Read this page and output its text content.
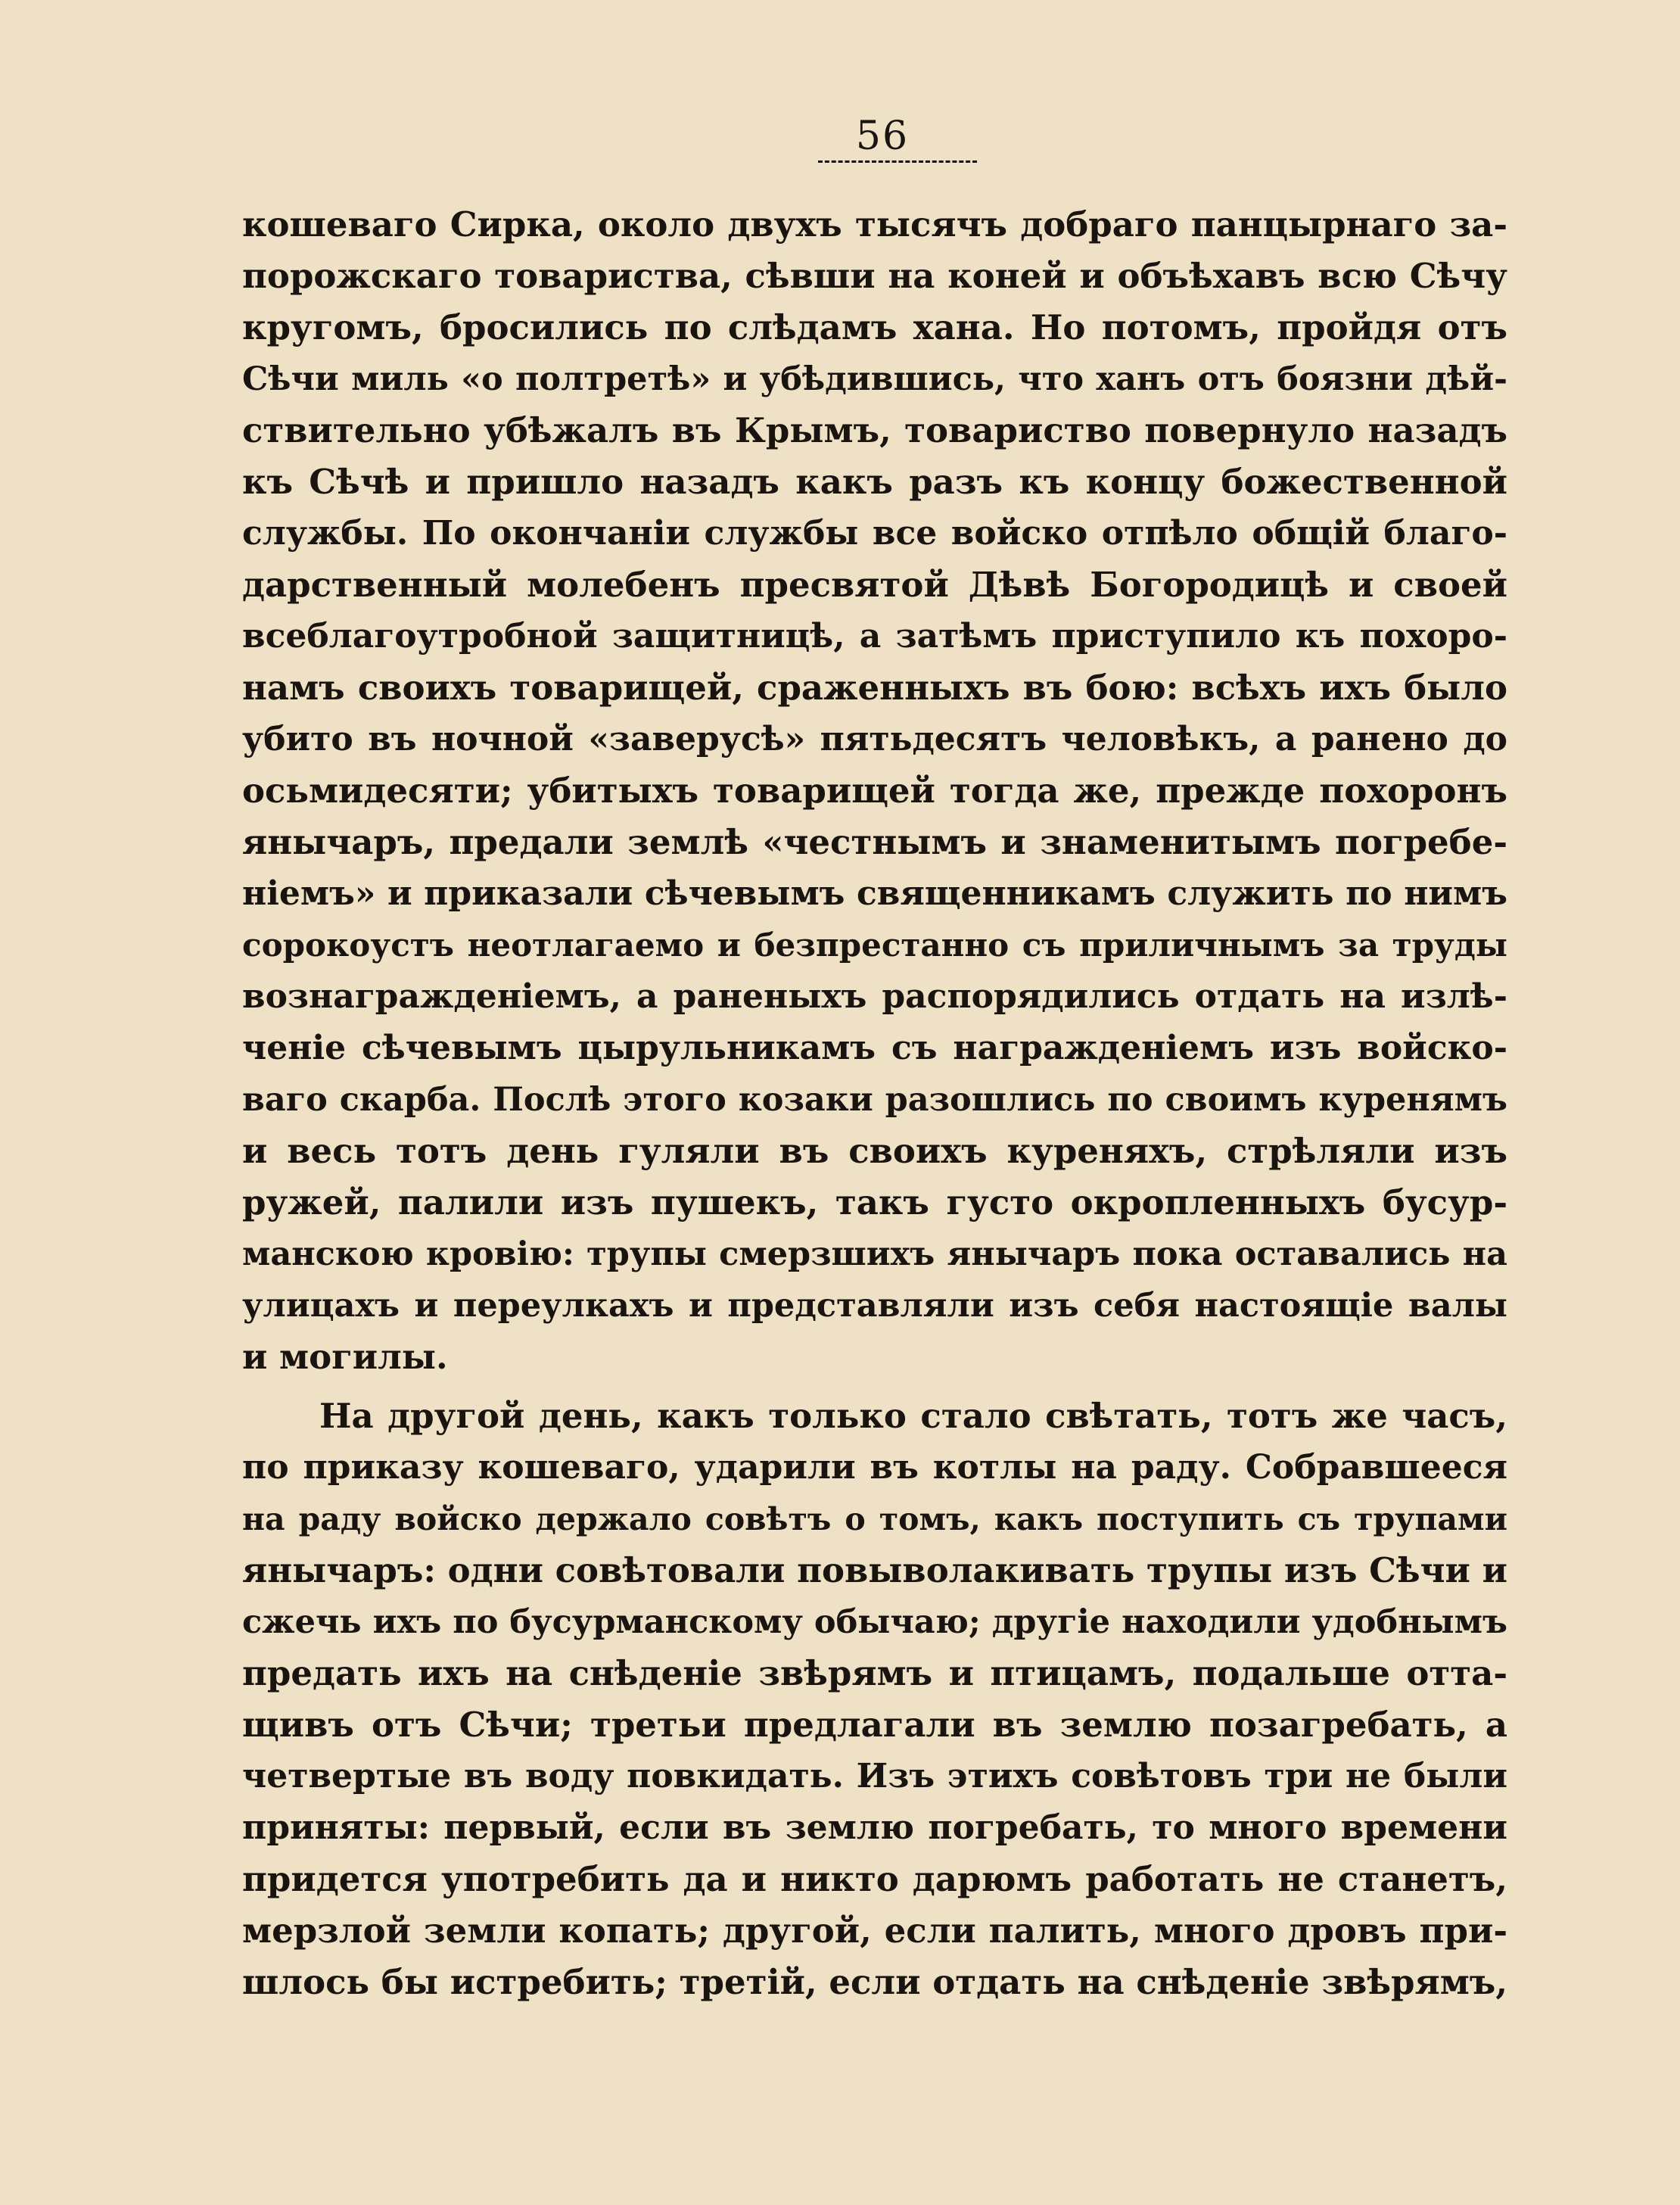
56
кошеваго Сирка, около двухъ тысячъ добраго панцырнаго за-
порожскаго товариства, сѣвши на коней и объѣхавъ всю Сѣчу
кругомъ, бросились по слѣдамъ хана. Но потомъ, пройдя отъ
Сѣчи миль «о полтретѣ» и убѣдившись, что ханъ отъ боязни дѣй-
ствительно убѣжалъ въ Крымъ, товариство повернуло назадъ
къ Сѣчѣ и пришло назадъ какъ разъ къ концу божественной
службы. По окончаніи службы все войско отпѣло общій благо-
дарственный молебенъ пресвятой Дѣвѣ Богородицѣ и своей
всеблагоутробной защитницѣ, а затѣмъ приступило къ похоро-
намъ своихъ товарищей, сраженныхъ въ бою: всѣхъ ихъ было
убито въ ночной «заверусѣ» пятьдесятъ человѣкъ, а ранено до
осьмидесяти; убитыхъ товарищей тогда же, прежде похоронъ
янычаръ, предали землѣ «честнымъ и знаменитымъ погребе-
ніемъ» и приказали сѣчевымъ священникамъ служить по нимъ
сорокоустъ неотлагаемо и безпрестанно съ приличнымъ за труды
вознагражденіемъ, а раненыхъ распорядились отдать на излѣ-
ченіе сѣчевымъ цырульникамъ съ награжденіемъ изъ войско-
ваго скарба. Послѣ этого козаки разошлись по своимъ куренямъ
и весь тотъ день гуляли въ своихъ куреняхъ, стрѣляли изъ
ружей, палили изъ пушекъ, такъ густо окропленныхъ бусур-
манскою кровію: трупы смерзшихъ янычаръ пока оставались на
улицахъ и переулкахъ и представляли изъ себя настоящіе валы
и могилы.
На другой день, какъ только стало свѣтать, тотъ же часъ,
по приказу кошеваго, ударили въ котлы на раду. Собравшееся
на раду войско держало совѣтъ о томъ, какъ поступить съ трупами
янычаръ: одни совѣтовали повыволакивать трупы изъ Сѣчи и
сжечь ихъ по бусурманскому обычаю; другіе находили удобнымъ
предать ихъ на снѣденіе звѣрямъ и птицамъ, подальше отта-
щивъ отъ Сѣчи; третьи предлагали въ землю позагребать, а
четвертые въ воду повкидать. Изъ этихъ совѣтовъ три не были
приняты: первый, если въ землю погребать, то много времени
придется употребить да и никто дарюмъ работать не станетъ,
мерзлой земли копать; другой, если палить, много дровъ при-
шлось бы истребить; третій, если отдать на снѣденіе звѣрямъ,
